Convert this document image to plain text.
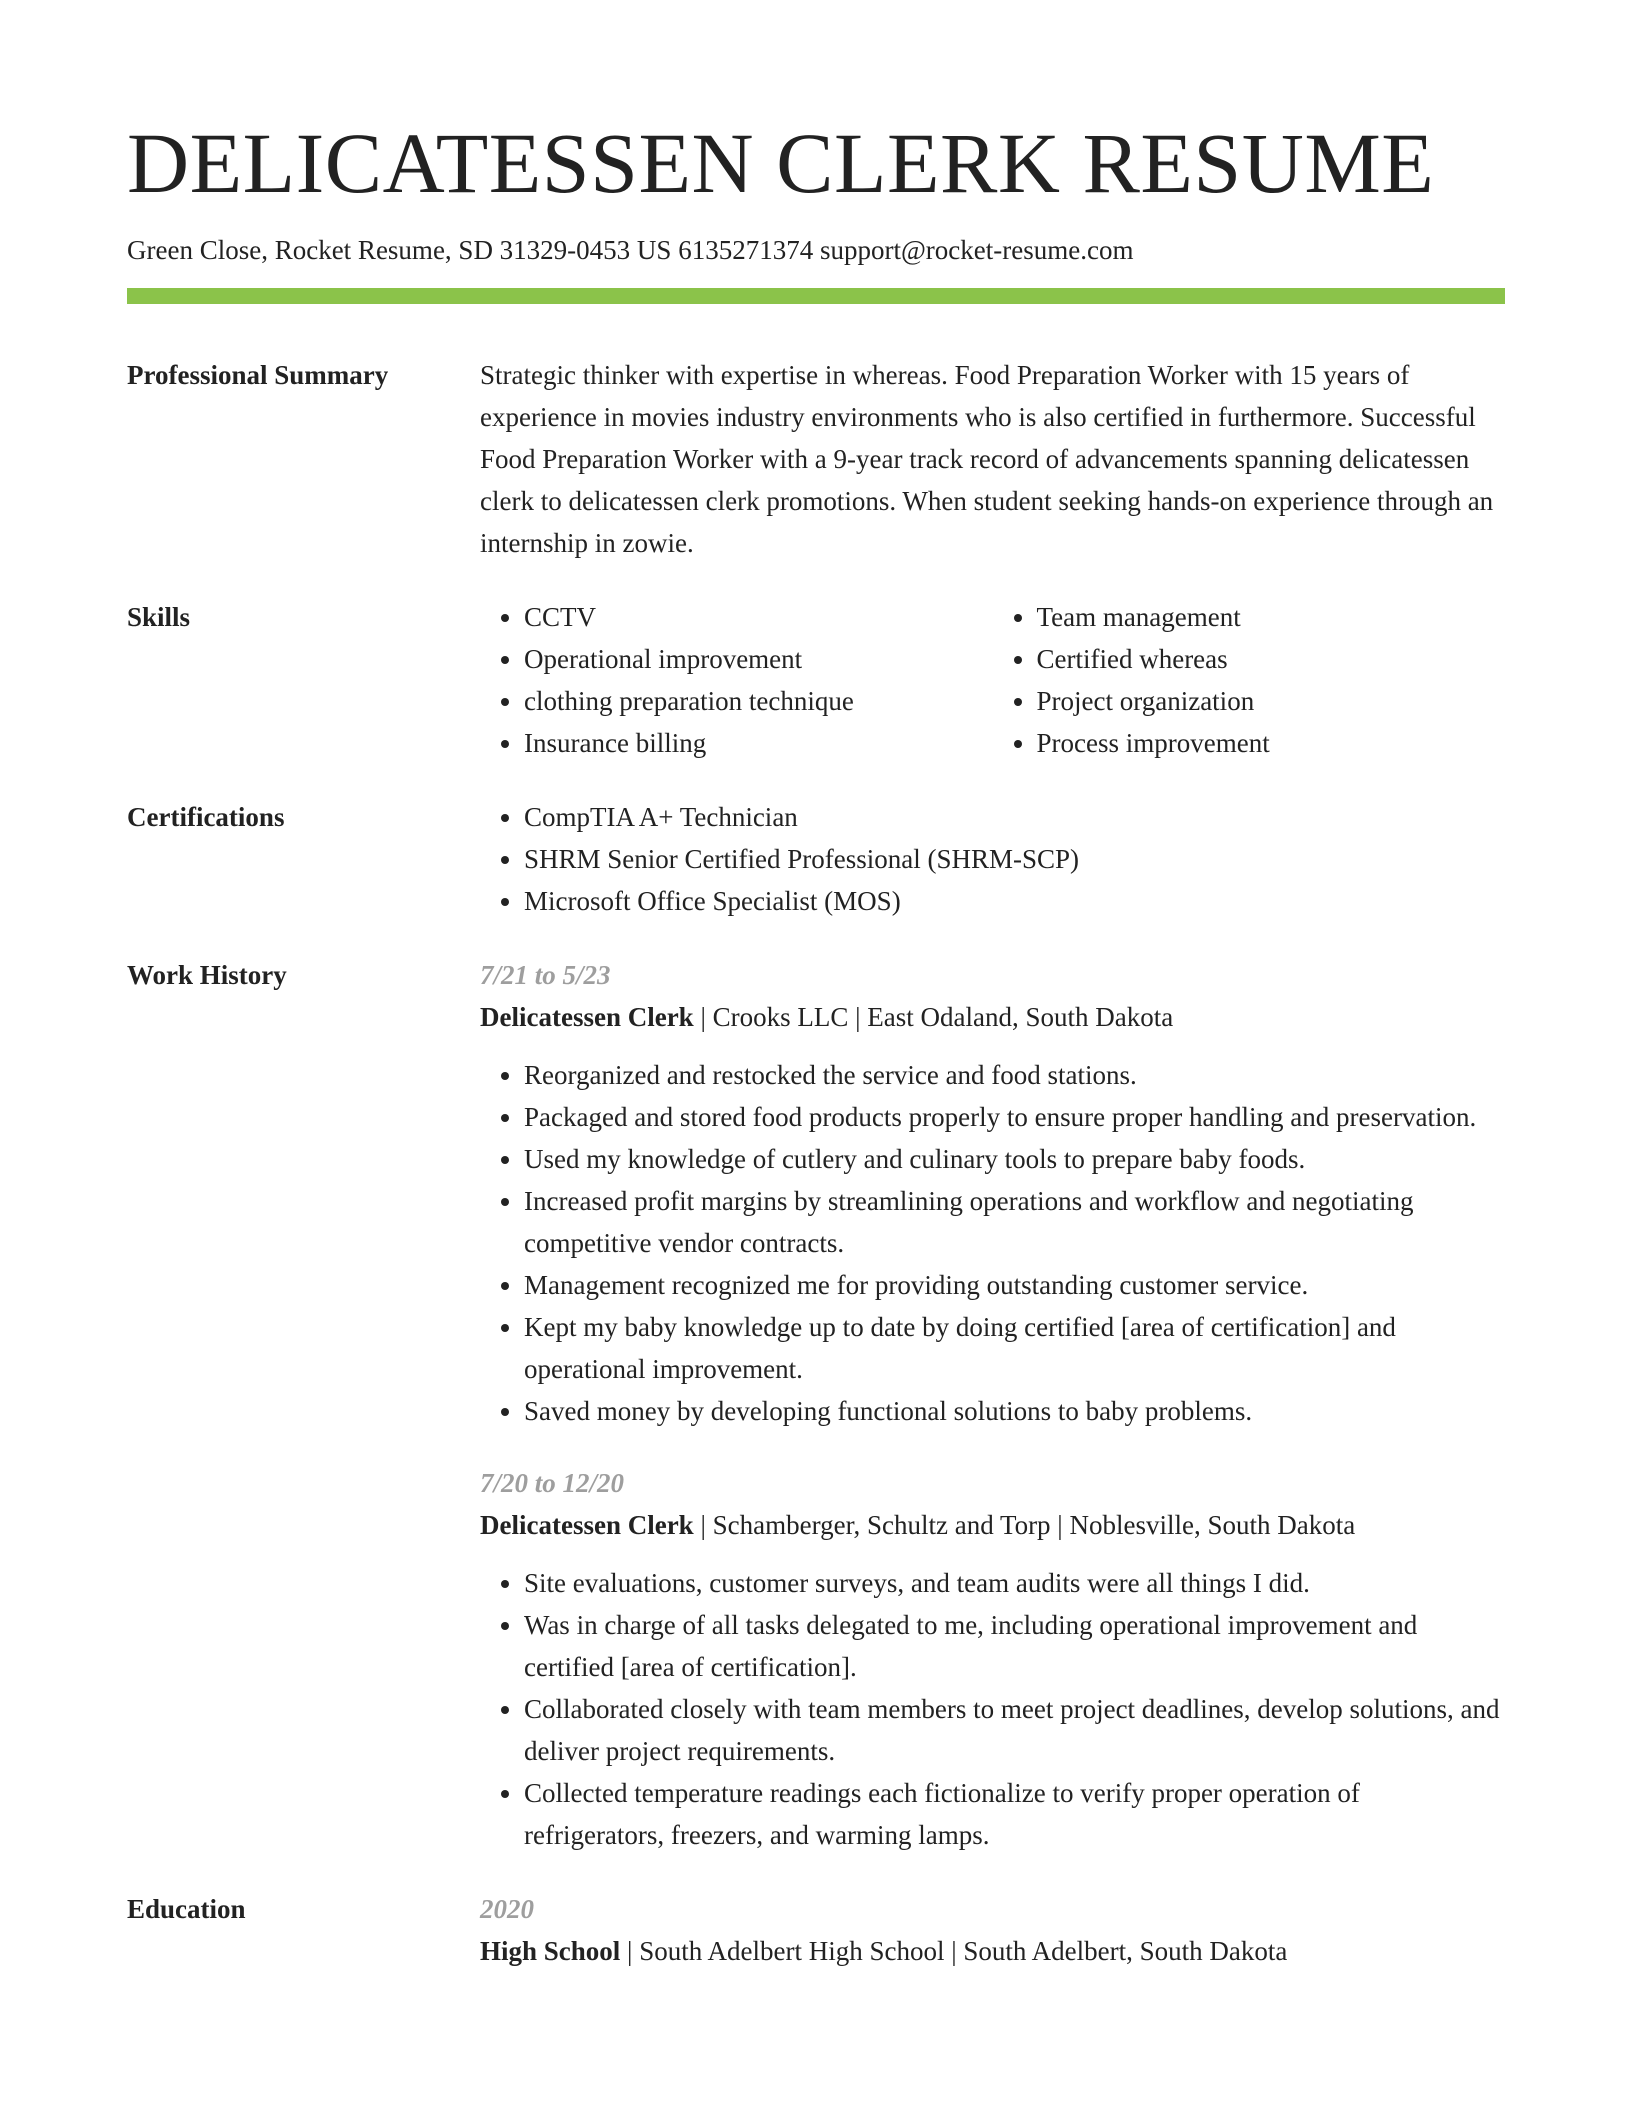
DELICATESSEN CLERK RESUME
Green Close, Rocket Resume, SD 31329-0453 US 6135271374 support@rocket-resume.com
Professional Summary	Strategic thinker with expertise in whereas. Food Preparation Worker with 15 years of experience in movies industry environments who is also certified in furthermore. Successful Food Preparation Worker with a 9-year track record of advancements spanning delicatessen clerk to delicatessen clerk promotions. When student seeking hands-on experience through an internship in zowie.

Skills	• CCTV
• Operational improvement
• clothing preparation technique
• Insurance billing
• Team management
• Certified whereas
• Project organization
• Process improvement
Certifications	• CompTIA A+ Technician
• SHRM Senior Certified Professional (SHRM-SCP)
• Microsoft Office Specialist (MOS)
Work History	7/21 to 5/23
Delicatessen Clerk | Crooks LLC | East Odaland, South Dakota
• Reorganized and restocked the service and food stations.
• Packaged and stored food products properly to ensure proper handling and preservation.
• Used my knowledge of cutlery and culinary tools to prepare baby foods.
• Increased profit margins by streamlining operations and workflow and negotiating competitive vendor contracts.
• Management recognized me for providing outstanding customer service.
• Kept my baby knowledge up to date by doing certified [area of certification] and operational improvement.
• Saved money by developing functional solutions to baby problems.
7/20 to 12/20
Delicatessen Clerk | Schamberger, Schultz and Torp | Noblesville, South Dakota
• Site evaluations, customer surveys, and team audits were all things I did.
• Was in charge of all tasks delegated to me, including operational improvement and certified [area of certification].
• Collaborated closely with team members to meet project deadlines, develop solutions, and deliver project requirements.
• Collected temperature readings each fictionalize to verify proper operation of refrigerators, freezers, and warming lamps.
Education	2020
High School | South Adelbert High School | South Adelbert, South Dakota
